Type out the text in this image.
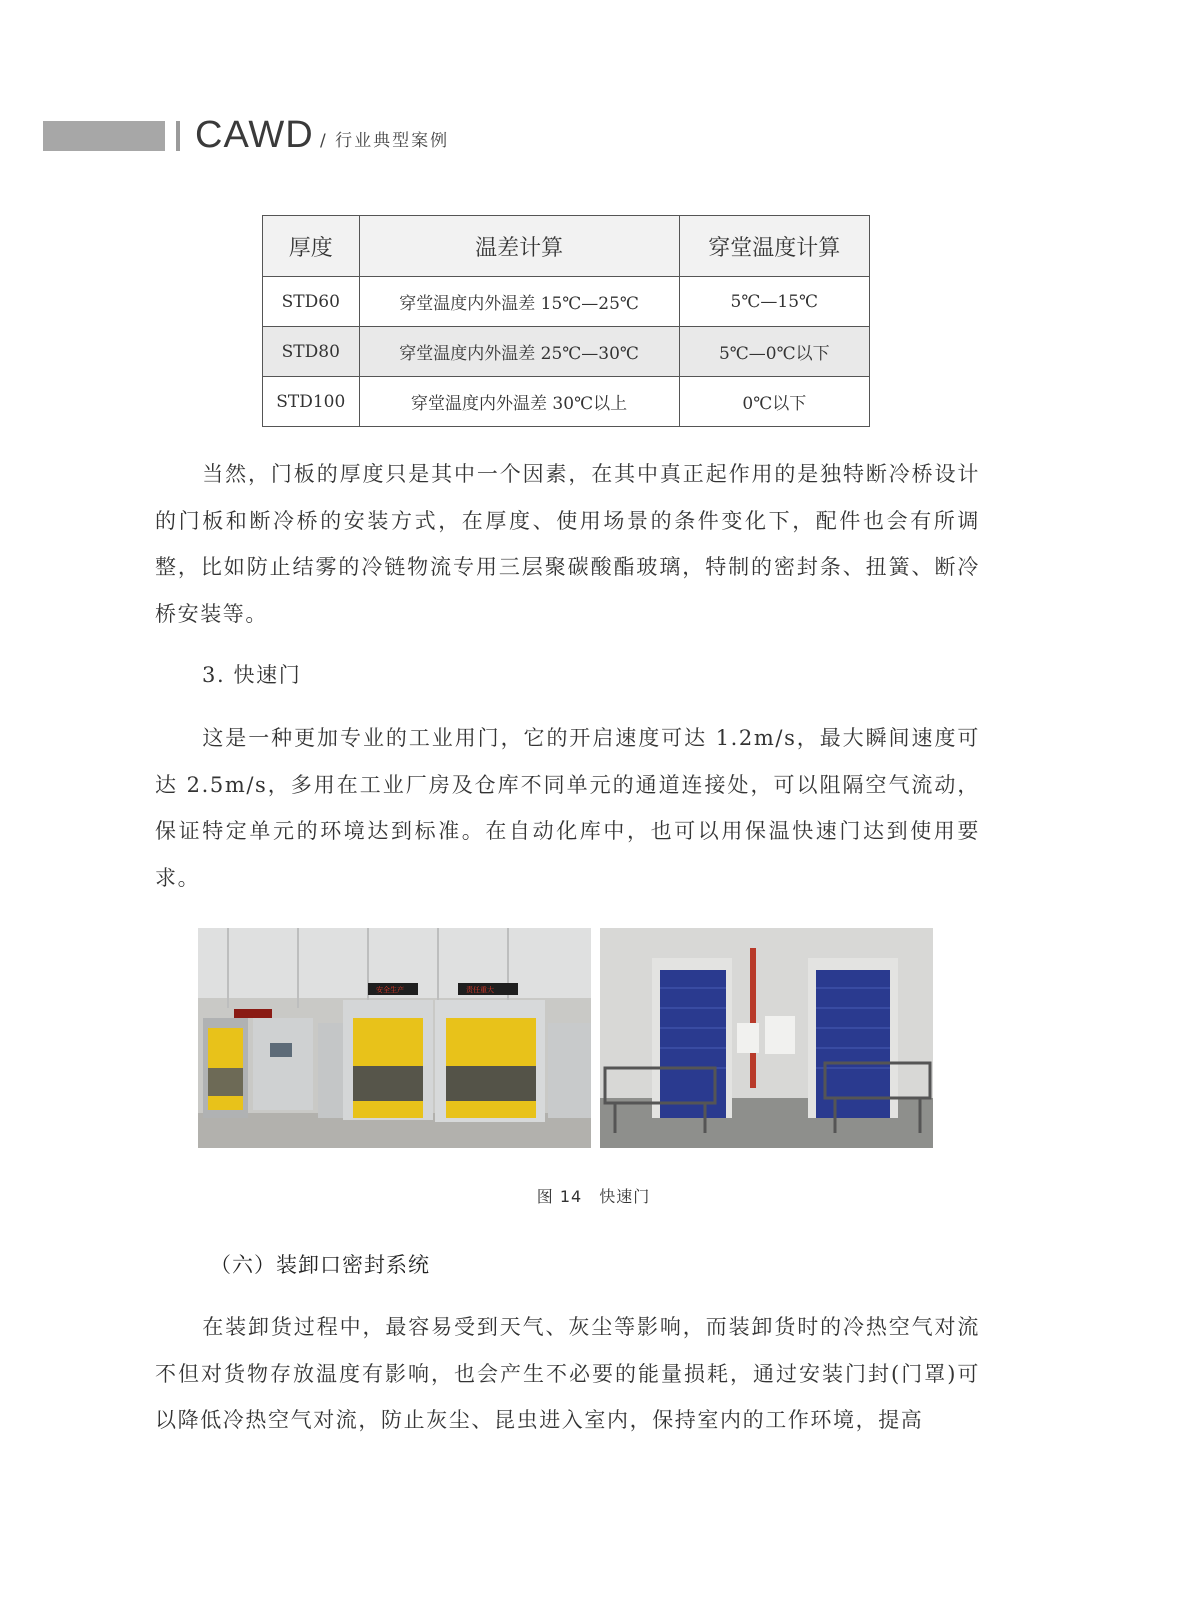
CAWD / 行业典型案例
厚度	温差计算	穿堂温度计算
STD60	穿堂温度内外温差 15℃—25℃	5℃—15℃
STD80	穿堂温度内外温差 25℃—30℃	5℃—0℃以下
STD100	穿堂温度内外温差 30℃以上	0℃以下

当然，门板的厚度只是其中一个因素，在其中真正起作用的是独特断冷桥设计的门板和断冷桥的安装方式，在厚度、使用场景的条件变化下，配件也会有所调整，比如防止结雾的冷链物流专用三层聚碳酸酯玻璃，特制的密封条、扭簧、断冷桥安装等。

3. 快速门

这是一种更加专业的工业用门，它的开启速度可达 1.2m/s，最大瞬间速度可达 2.5m/s，多用在工业厂房及仓库不同单元的通道连接处，可以阻隔空气流动，保证特定单元的环境达到标准。在自动化库中，也可以用保温快速门达到使用要求。

安全生产	责任重大
图 14　快速门
（六）装卸口密封系统

在装卸货过程中，最容易受到天气、灰尘等影响，而装卸货时的冷热空气对流不但对货物存放温度有影响，也会产生不必要的能量损耗，通过安装门封(门罩)可以降低冷热空气对流，防止灰尘、昆虫进入室内，保持室内的工作环境，提高
